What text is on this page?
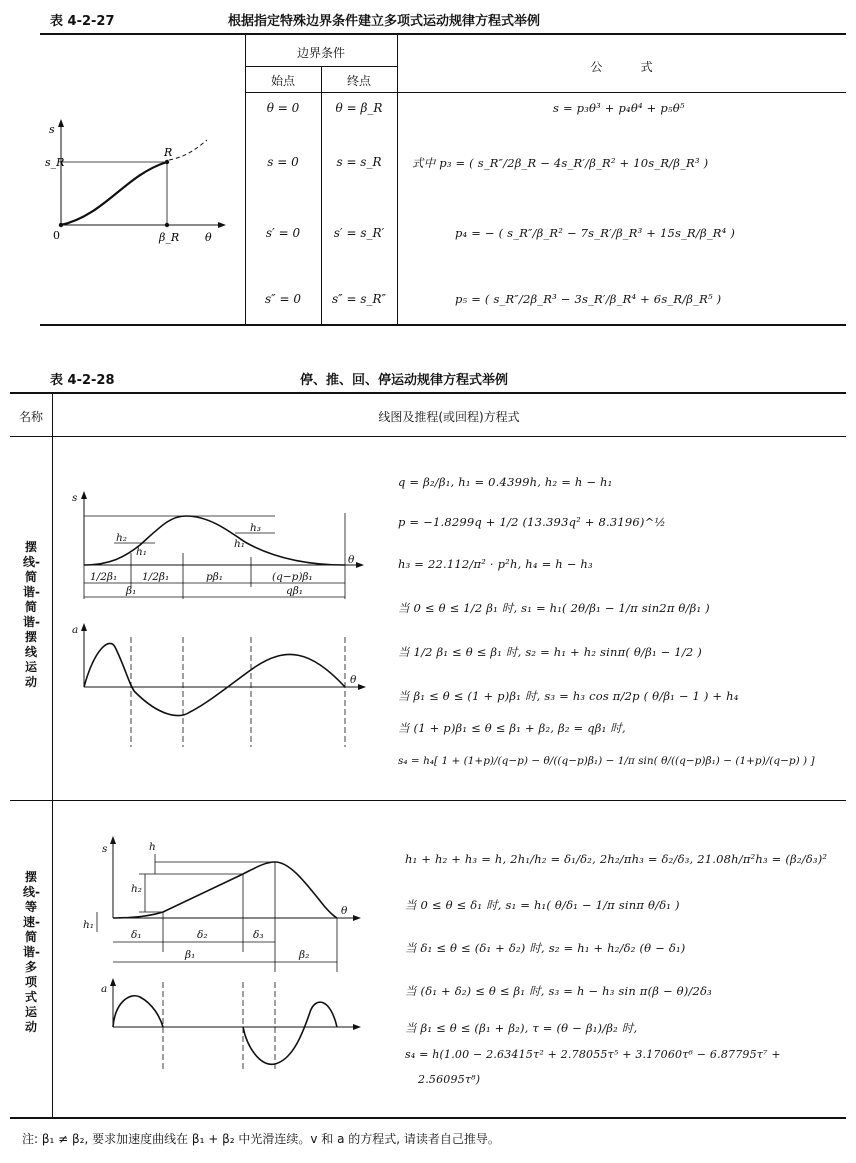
表 4-2-27	根据指定特殊边界条件建立多项式运动规律方程式举例
边界条件
始点	终点
公          式
θ = 0	θ = β_R	s = p₃θ³ + p₄θ⁴ + p₅θ⁵
s = 0	s = s_R	式中 p₃ = ( s_R″/2β_R − 4s_R′/β_R² + 10s_R/β_R³ )
s′ = 0	s′ = s_R′	p₄ = − ( s_R″/β_R² − 7s_R′/β_R³ + 15s_R/β_R⁴ )
s″ = 0	s″ = s_R″	p₅ = ( s_R″/2β_R³ − 3s_R′/β_R⁴ + 6s_R/β_R⁵ )
s
s_R
R
0	β_R θ
表 4-2-28	停、推、回、停运动规律方程式举例
名称	线图及推程(或回程)方程式
摆线-简谐-简谐-摆线运动
s
h₂
h₁
h₃
h₁
θ
1/2β₁ 1/2β₁	pβ₁	(q−p)β₁
β₁	qβ₁
a
θ
q = β₂/β₁, h₁ = 0.4399h, h₂ = h − h₁
p = −1.8299q + 1/2 (13.393q² + 8.3196)^½
h₃ = 22.112/π² · p²h, h₄ = h − h₃
当 0 ≤ θ ≤ 1/2 β₁ 时, s₁ = h₁( 2θ/β₁ − 1/π sin2π θ/β₁ )
当 1/2 β₁ ≤ θ ≤ β₁ 时, s₂ = h₁ + h₂ sinπ( θ/β₁ − 1/2 )
当 β₁ ≤ θ ≤ (1 + p)β₁ 时, s₃ = h₃ cos π/2p ( θ/β₁ − 1 ) + h₄
当 (1 + p)β₁ ≤ θ ≤ β₁ + β₂, β₂ = qβ₁ 时,
s₄ = h₄[ 1 + (1+p)/(q−p) − θ/((q−p)β₁) − 1/π sin( θ/((q−p)β₁) − (1+p)/(q−p) ) ]
摆线-等速-简谐-多项式运动
s	h
h₂
h₁
θ
δ₁	δ₂	δ₃
β₁	β₂
a
h₁ + h₂ + h₃ = h, 2h₁/h₂ = δ₁/δ₂, 2h₂/πh₃ = δ₂/δ₃, 21.08h/π²h₃ = (β₂/δ₃)²
当 0 ≤ θ ≤ δ₁ 时, s₁ = h₁( θ/δ₁ − 1/π sinπ θ/δ₁ )
当 δ₁ ≤ θ ≤ (δ₁ + δ₂) 时, s₂ = h₁ + h₂/δ₂ (θ − δ₁)
当 (δ₁ + δ₂) ≤ θ ≤ β₁ 时, s₃ = h − h₃ sin π(β − θ)/2δ₃
当 β₁ ≤ θ ≤ (β₁ + β₂), τ = (θ − β₁)/β₂ 时,
s₄ = h(1.00 − 2.63415τ² + 2.78055τ⁵ + 3.17060τ⁶ − 6.87795τ⁷ +
2.56095τ⁸)
注: β₁ ≠ β₂, 要求加速度曲线在 β₁ + β₂ 中光滑连续。v 和 a 的方程式, 请读者自己推导。
